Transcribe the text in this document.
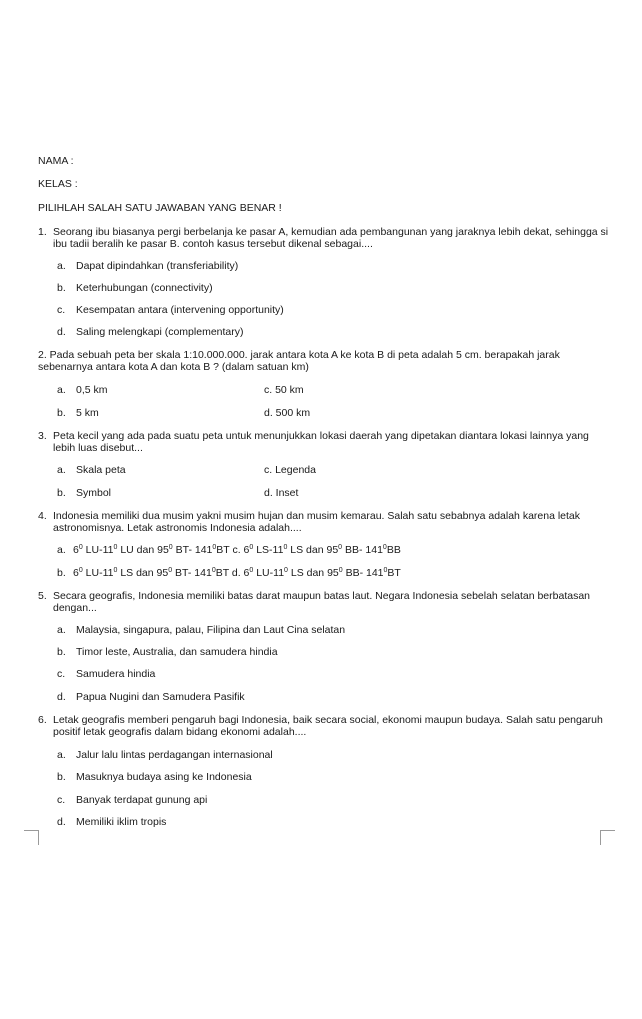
NAMA :
KELAS :
PILIHLAH SALAH SATU JAWABAN YANG BENAR !
1. Seorang ibu biasanya pergi berbelanja ke pasar A, kemudian ada pembangunan yang jaraknya lebih dekat, sehingga si
ibu tadii beralih ke pasar B. contoh kasus tersebut dikenal sebagai....
a. Dapat dipindahkan (transferiability)
b. Keterhubungan (connectivity)
c. Kesempatan antara (intervening opportunity)
d. Saling melengkapi (complementary)
2. Pada sebuah peta ber skala 1:10.000.000. jarak antara kota A ke kota B di peta adalah 5 cm. berapakah jarak
sebenarnya antara kota A dan kota B ? (dalam satuan km)
a. 0,5 km	c. 50 km
b. 5 km	d. 500 km
3. Peta kecil yang ada pada suatu peta untuk menunjukkan lokasi daerah yang dipetakan diantara lokasi lainnya yang
lebih luas disebut...
a. Skala peta	c. Legenda
b. Symbol	d. Inset
4. Indonesia memiliki dua musim yakni musim hujan dan musim kemarau. Salah satu sebabnya adalah karena letak
astronomisnya. Letak astronomis Indonesia adalah....
a. $6^0$ $LU-11^0$ LU dan $95^0$ BT- $141^0BT$ c. $6^0$ $LS-11^0$ LS dan $95^0$ BB- $141^0BB$
b. $6^0$ $LU-11^0$ LS dan $95^0$ BT- $141^0BT$ d. $6^0$ $LU-11^0$ LS dan $95^0$ BB- $141^0BT$
5. Secara geografis, Indonesia memiliki batas darat maupun batas laut. Negara Indonesia sebelah selatan berbatasan
dengan...
a. Malaysia, singapura, palau, Filipina dan Laut Cina selatan
b. Timor leste, Australia, dan samudera hindia
c. Samudera hindia
d. Papua Nugini dan Samudera Pasifik
6. Letak geografis memberi pengaruh bagi Indonesia, baik secara social, ekonomi maupun budaya. Salah satu pengaruh
positif letak geografis dalam bidang ekonomi adalah....
a. Jalur lalu lintas perdagangan internasional
b. Masuknya budaya asing ke Indonesia
c. Banyak terdapat gunung api
d. Memiliki iklim tropis
